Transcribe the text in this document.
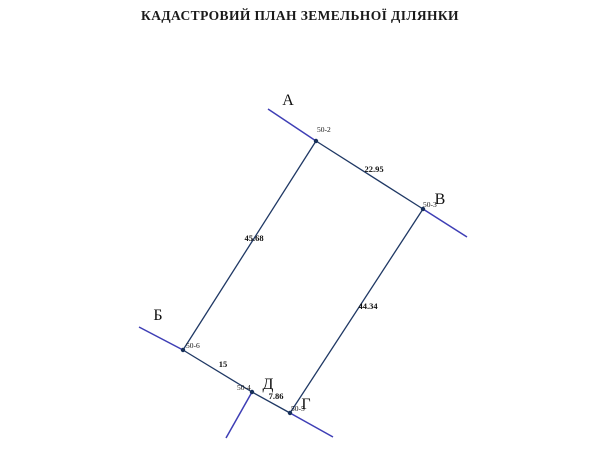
КАДАСТРОВИЙ ПЛАН ЗЕМЕЛЬНОЇ ДІЛЯНКИ
А
Б
В
Г
Д
22.95
44.34
7.86
15
45.68
50-2
50-3
50-5
50-4
50-6
